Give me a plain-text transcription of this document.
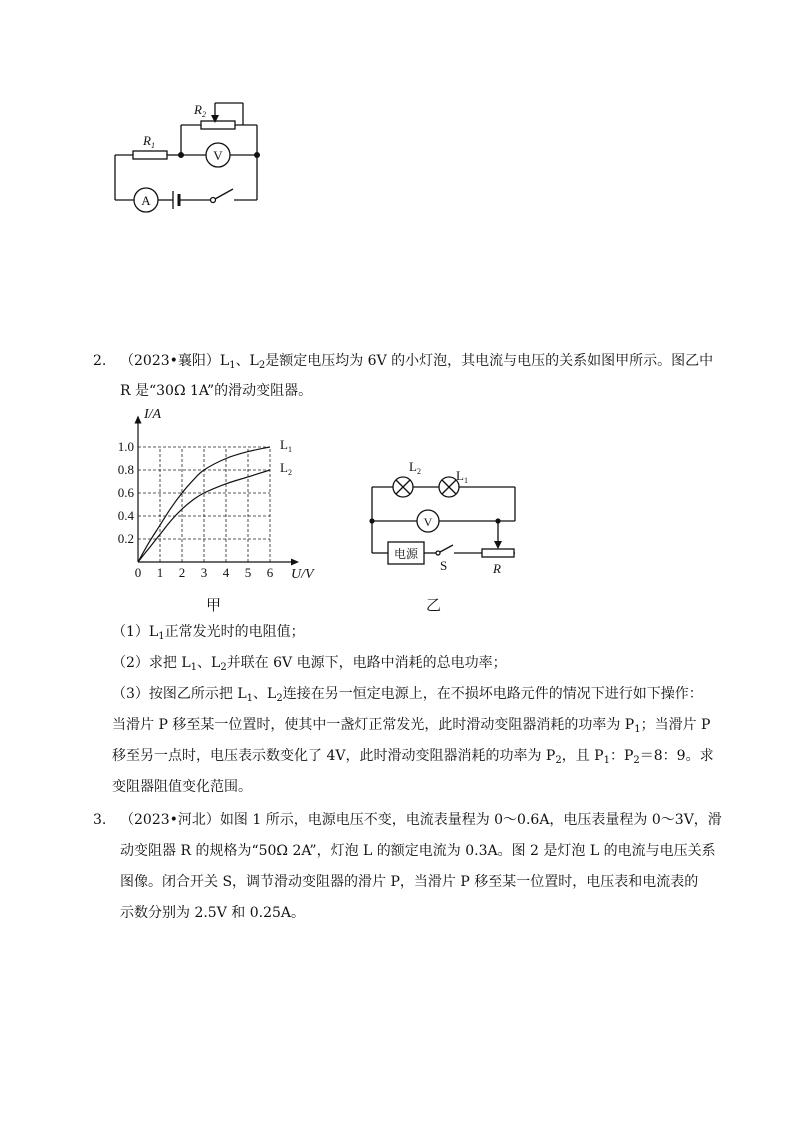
$R_1$
$R_2$
V
A
2. （2023•襄阳）$L_1$、$L_2$是额定电压均为 6V 的小灯泡，其电流与电压的关系如图甲所示。图乙中
R 是“30Ω 1A”的滑动变阻器。
0 1 2 3 4 5 6
0.2
0.4
0.6
0.8
1.0
I/A
U/V
$L_1$
$L_2$
甲
$L_2$	$L_1$
V
电源
S	R
乙
$(1)L_1$正常发光时的电阻值；
（2）求把 $L_1$、$L_2$并联在 6V 电源下，电路中消耗的总电功率；
（3）按图乙所示把 $L_1$、$L_2$连接在另一恒定电源上，在不损坏电路元件的情况下进行如下操作：
当滑片 P 移至某一位置时，使其中一盏灯正常发光，此时滑动变阻器消耗的功率为 $P_1$；当滑片 P
移至另一点时，电压表示数变化了 4V，此时滑动变阻器消耗的功率为 $P_2$，且 $P_1$：$P_2=8$：9。求
变阻器阻值变化范围。
3. （2023•河北）如图 1 所示，电源电压不变，电流表量程为 0～0.6A，电压表量程为 0～3V，滑
动变阻器 R 的规格为“50Ω 2A”，灯泡 L 的额定电流为 0.3A。图 2 是灯泡 L 的电流与电压关系
图像。闭合开关 S，调节滑动变阻器的滑片 P，当滑片 P 移至某一位置时，电压表和电流表的
示数分别为 2.5V 和 0.25A。
